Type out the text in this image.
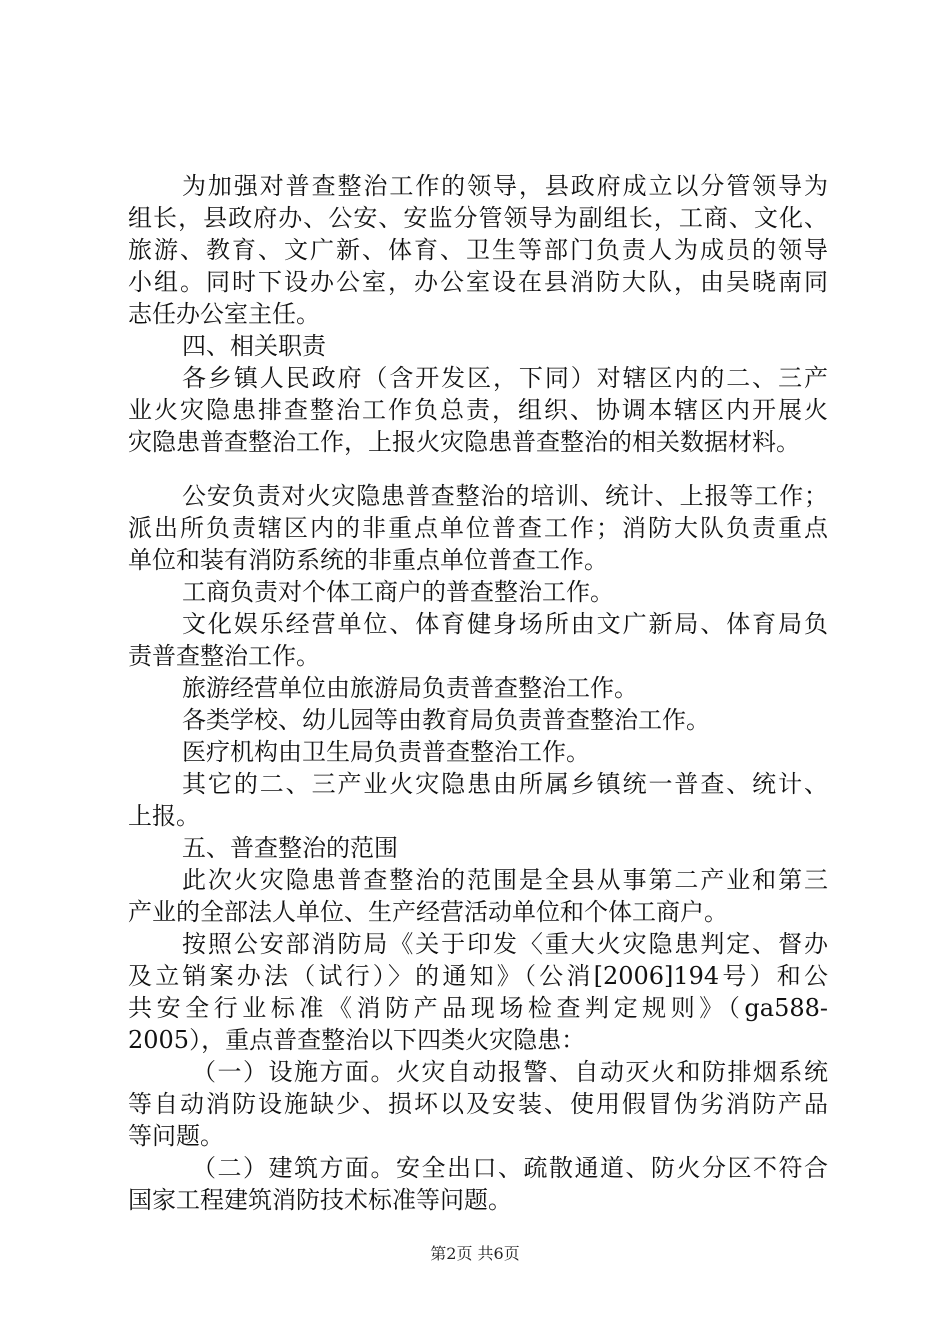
为加强对普查整治工作的领导，县政府成立以分管领导为
组长，县政府办、公安、安监分管领导为副组长，工商、文化、
旅游、教育、文广新、体育、卫生等部门负责人为成员的领导
小组。同时下设办公室，办公室设在县消防大队，由吴晓南同
志任办公室主任。
四、相关职责
各乡镇人民政府（含开发区，下同）对辖区内的二、三产
业火灾隐患排查整治工作负总责，组织、协调本辖区内开展火
灾隐患普查整治工作，上报火灾隐患普查整治的相关数据材料。
公安负责对火灾隐患普查整治的培训、统计、上报等工作；
派出所负责辖区内的非重点单位普查工作；消防大队负责重点
单位和装有消防系统的非重点单位普查工作。
工商负责对个体工商户的普查整治工作。
文化娱乐经营单位、体育健身场所由文广新局、体育局负
责普查整治工作。
旅游经营单位由旅游局负责普查整治工作。
各类学校、幼儿园等由教育局负责普查整治工作。
医疗机构由卫生局负责普查整治工作。
其它的二、三产业火灾隐患由所属乡镇统一普查、统计、
上报。
五、普查整治的范围
此次火灾隐患普查整治的范围是全县从事第二产业和第三
产业的全部法人单位、生产经营活动单位和个体工商户。
按照公安部消防局《关于印发〈重大火灾隐患判定、督办
及立销案办法（试行）〉的通知》（公消[2006]194号）和公
共安全行业标准《消防产品现场检查判定规则》（ga588-
2005），重点普查整治以下四类火灾隐患：
（一）设施方面。火灾自动报警、自动灭火和防排烟系统
等自动消防设施缺少、损坏以及安装、使用假冒伪劣消防产品
等问题。
（二）建筑方面。安全出口、疏散通道、防火分区不符合
国家工程建筑消防技术标准等问题。
第2页 共6页
